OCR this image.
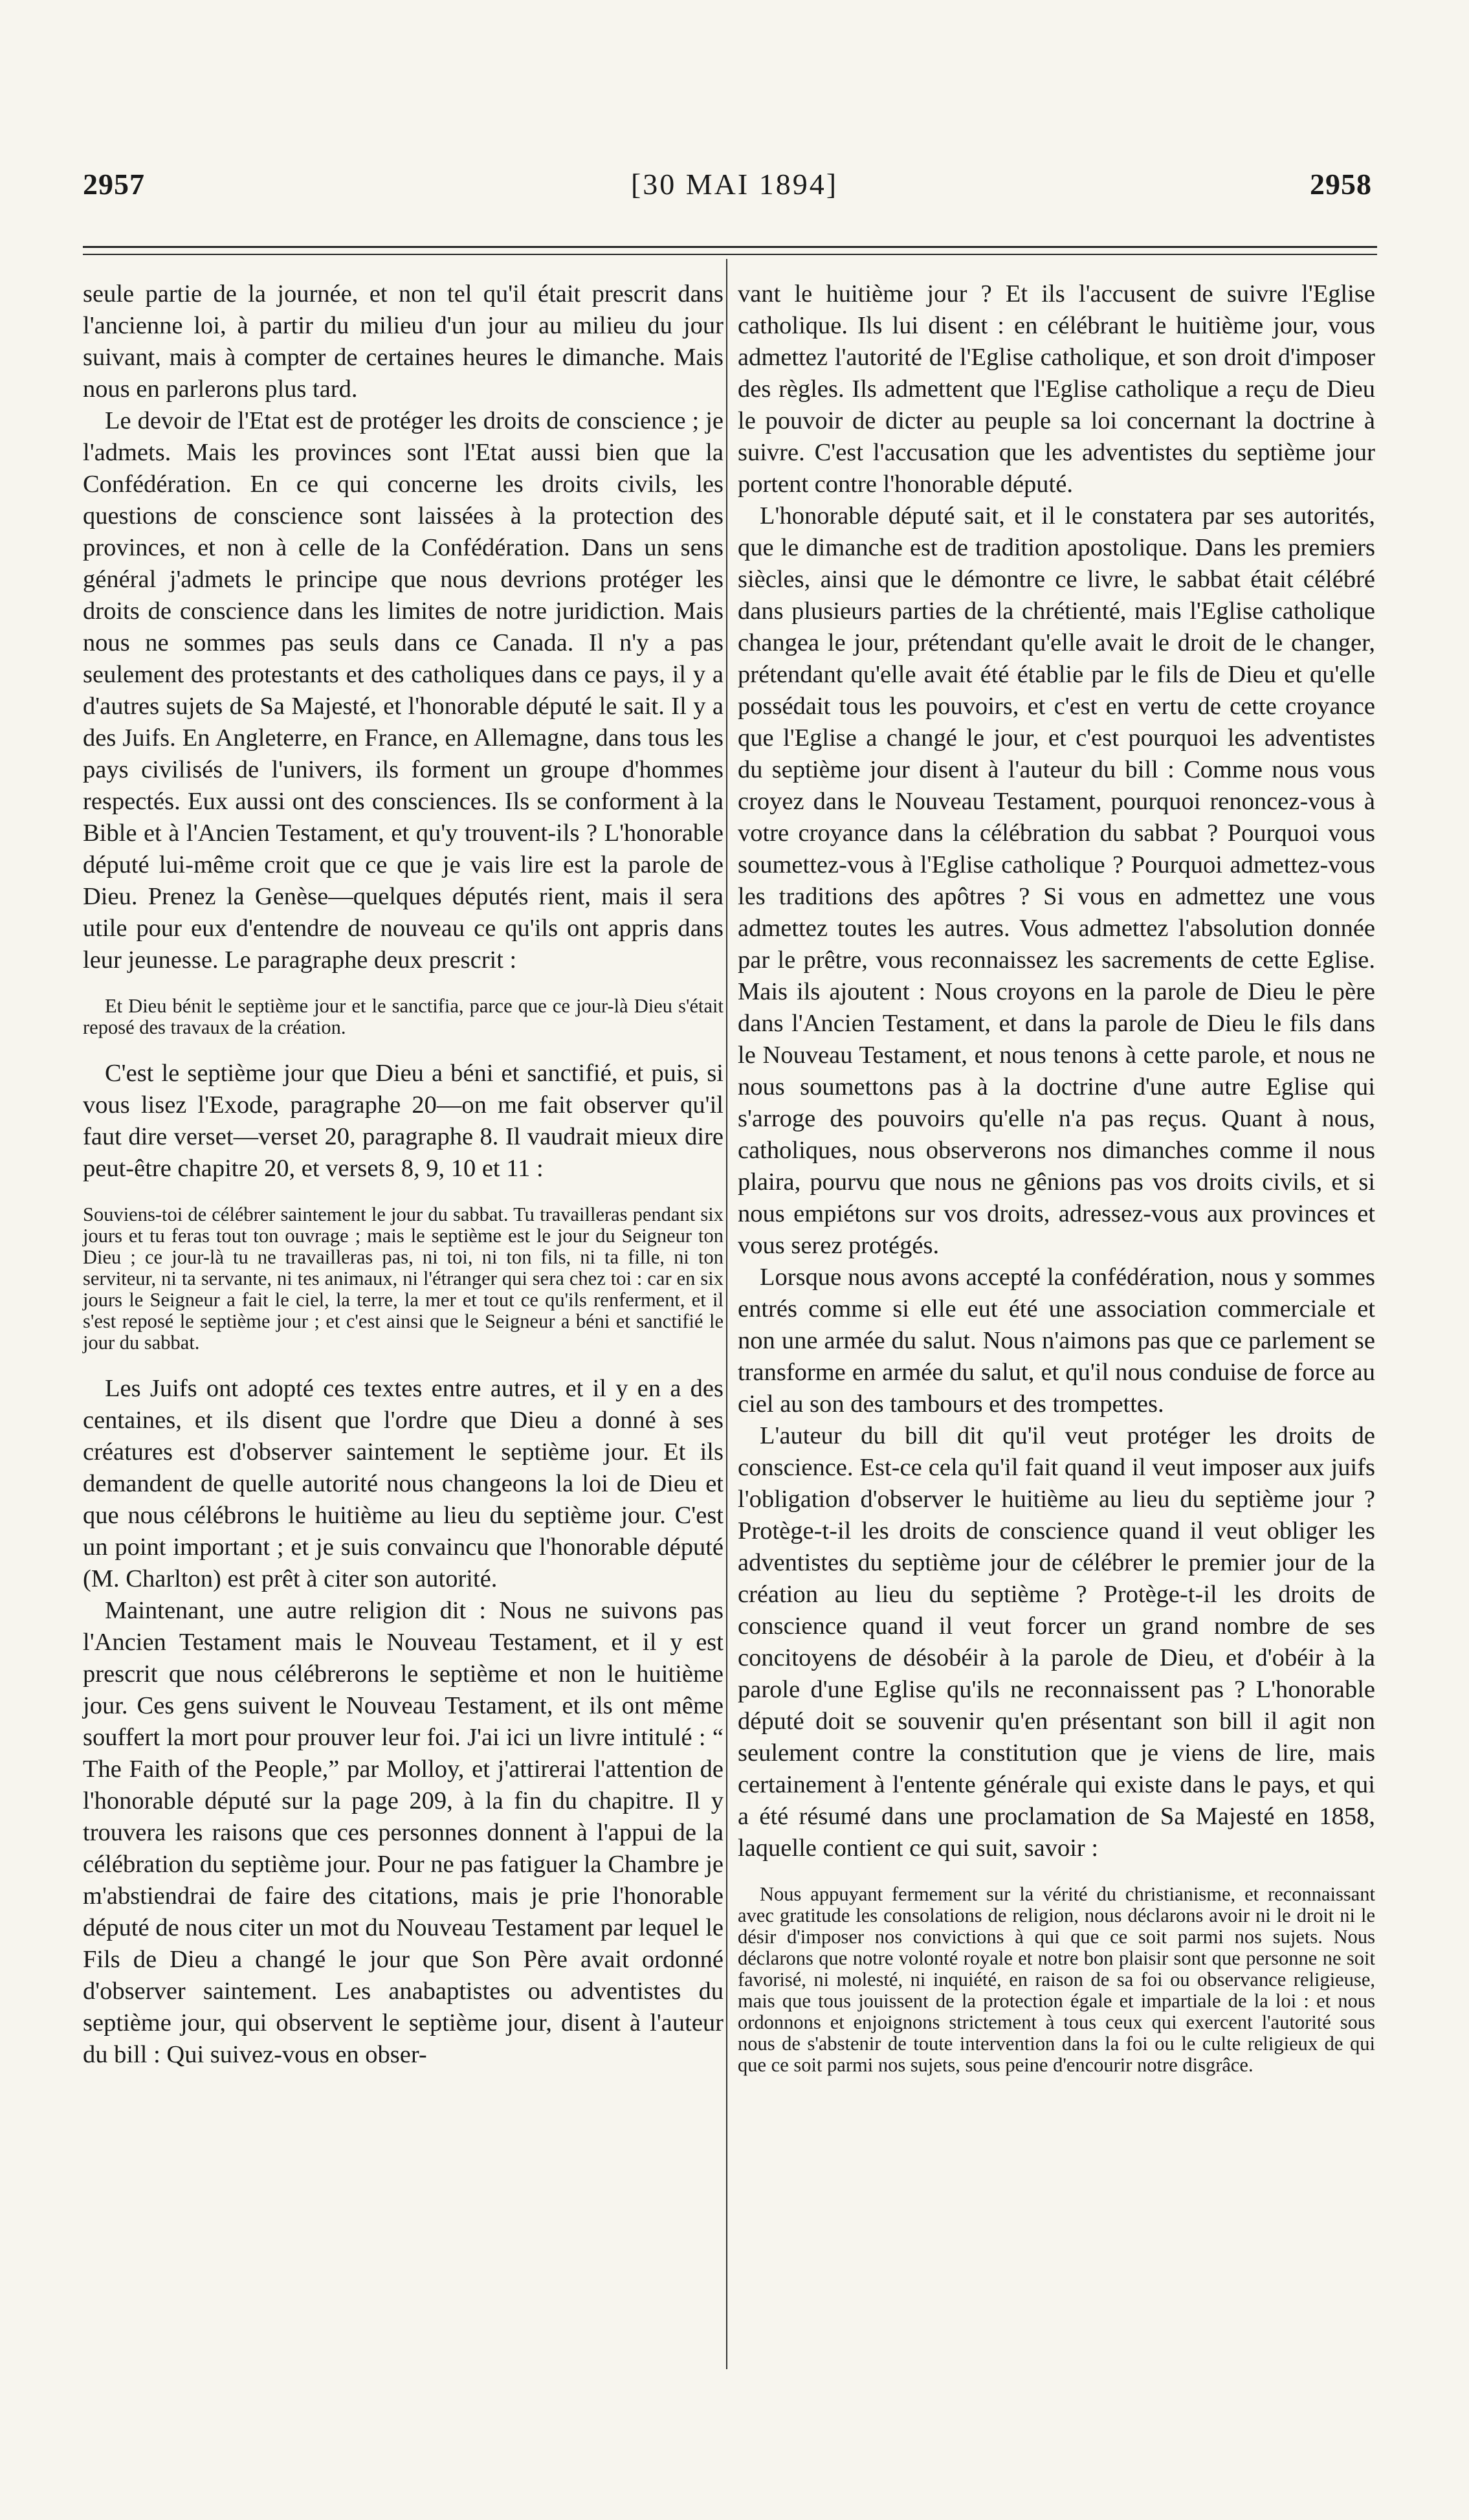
2957	[30 MAI 1894]	2958

seule partie de la journée, et non tel qu'il était prescrit dans l'ancienne loi, à partir du milieu d'un jour au milieu du jour suivant, mais à compter de certaines heures le dimanche. Mais nous en parlerons plus tard.

Le devoir de l'Etat est de protéger les droits de conscience ; je l'admets. Mais les provinces sont l'Etat aussi bien que la Confédération. En ce qui concerne les droits civils, les questions de conscience sont laissées à la protection des provinces, et non à celle de la Confédération. Dans un sens général j'admets le principe que nous devrions protéger les droits de conscience dans les limites de notre juridiction. Mais nous ne sommes pas seuls dans ce Canada. Il n'y a pas seulement des protestants et des catholiques dans ce pays, il y a d'autres sujets de Sa Majesté, et l'honorable député le sait. Il y a des Juifs. En Angleterre, en France, en Allemagne, dans tous les pays civilisés de l'univers, ils forment un groupe d'hommes respectés. Eux aussi ont des consciences. Ils se conforment à la Bible et à l'Ancien Testament, et qu'y trouvent-ils ? L'honorable député lui-même croit que ce que je vais lire est la parole de Dieu. Prenez la Genèse—quelques députés rient, mais il sera utile pour eux d'entendre de nouveau ce qu'ils ont appris dans leur jeunesse. Le paragraphe deux prescrit :

Et Dieu bénit le septième jour et le sanctifia, parce que ce jour-là Dieu s'était reposé des travaux de la création.

C'est le septième jour que Dieu a béni et sanctifié, et puis, si vous lisez l'Exode, paragraphe 20—on me fait observer qu'il faut dire verset—verset 20, paragraphe 8. Il vaudrait mieux dire peut-être chapitre 20, et versets 8, 9, 10 et 11 :

Souviens-toi de célébrer saintement le jour du sabbat. Tu travailleras pendant six jours et tu feras tout ton ouvrage ; mais le septième est le jour du Seigneur ton Dieu ; ce jour-là tu ne travailleras pas, ni toi, ni ton fils, ni ta fille, ni ton serviteur, ni ta servante, ni tes animaux, ni l'étranger qui sera chez toi : car en six jours le Seigneur a fait le ciel, la terre, la mer et tout ce qu'ils renferment, et il s'est reposé le septième jour ; et c'est ainsi que le Seigneur a béni et sanctifié le jour du sabbat.

Les Juifs ont adopté ces textes entre autres, et il y en a des centaines, et ils disent que l'ordre que Dieu a donné à ses créatures est d'observer saintement le septième jour. Et ils demandent de quelle autorité nous changeons la loi de Dieu et que nous célébrons le huitième au lieu du septième jour. C'est un point important ; et je suis convaincu que l'honorable député (M. Charlton) est prêt à citer son autorité.

Maintenant, une autre religion dit : Nous ne suivons pas l'Ancien Testament mais le Nouveau Testament, et il y est prescrit que nous célébrerons le septième et non le huitième jour. Ces gens suivent le Nouveau Testament, et ils ont même souffert la mort pour prouver leur foi. J'ai ici un livre intitulé : “ The Faith of the People,” par Molloy, et j'attirerai l'attention de l'honorable député sur la page 209, à la fin du chapitre. Il y trouvera les raisons que ces personnes donnent à l'appui de la célébration du septième jour. Pour ne pas fatiguer la Chambre je m'abstiendrai de faire des citations, mais je prie l'honorable député de nous citer un mot du Nouveau Testament par lequel le Fils de Dieu a changé le jour que Son Père avait ordonné d'observer saintement. Les anabaptistes ou adventistes du septième jour, qui observent le septième jour, disent à l'auteur du bill : Qui suivez-vous en obser-

vant le huitième jour ? Et ils l'accusent de suivre l'Eglise catholique. Ils lui disent : en célébrant le huitième jour, vous admettez l'autorité de l'Eglise catholique, et son droit d'imposer des règles. Ils admettent que l'Eglise catholique a reçu de Dieu le pouvoir de dicter au peuple sa loi concernant la doctrine à suivre. C'est l'accusation que les adventistes du septième jour portent contre l'honorable député.

L'honorable député sait, et il le constatera par ses autorités, que le dimanche est de tradition apostolique. Dans les premiers siècles, ainsi que le démontre ce livre, le sabbat était célébré dans plusieurs parties de la chrétienté, mais l'Eglise catholique changea le jour, prétendant qu'elle avait le droit de le changer, prétendant qu'elle avait été établie par le fils de Dieu et qu'elle possédait tous les pouvoirs, et c'est en vertu de cette croyance que l'Eglise a changé le jour, et c'est pourquoi les adventistes du septième jour disent à l'auteur du bill : Comme nous vous croyez dans le Nouveau Testament, pourquoi renoncez-vous à votre croyance dans la célébration du sabbat ? Pourquoi vous soumettez-vous à l'Eglise catholique ? Pourquoi admettez-vous les traditions des apôtres ? Si vous en admettez une vous admettez toutes les autres. Vous admettez l'absolution donnée par le prêtre, vous reconnaissez les sacrements de cette Eglise. Mais ils ajoutent : Nous croyons en la parole de Dieu le père dans l'Ancien Testament, et dans la parole de Dieu le fils dans le Nouveau Testament, et nous tenons à cette parole, et nous ne nous soumettons pas à la doctrine d'une autre Eglise qui s'arroge des pouvoirs qu'elle n'a pas reçus. Quant à nous, catholiques, nous observerons nos dimanches comme il nous plaira, pourvu que nous ne gênions pas vos droits civils, et si nous empiétons sur vos droits, adressez-vous aux provinces et vous serez protégés.

Lorsque nous avons accepté la confédération, nous y sommes entrés comme si elle eut été une association commerciale et non une armée du salut. Nous n'aimons pas que ce parlement se transforme en armée du salut, et qu'il nous conduise de force au ciel au son des tambours et des trompettes.

L'auteur du bill dit qu'il veut protéger les droits de conscience. Est-ce cela qu'il fait quand il veut imposer aux juifs l'obligation d'observer le huitième au lieu du septième jour ? Protège-t-il les droits de conscience quand il veut obliger les adventistes du septième jour de célébrer le premier jour de la création au lieu du septième ? Protège-t-il les droits de conscience quand il veut forcer un grand nombre de ses concitoyens de désobéir à la parole de Dieu, et d'obéir à la parole d'une Eglise qu'ils ne reconnaissent pas ? L'honorable député doit se souvenir qu'en présentant son bill il agit non seulement contre la constitution que je viens de lire, mais certainement à l'entente générale qui existe dans le pays, et qui a été résumé dans une proclamation de Sa Majesté en 1858, laquelle contient ce qui suit, savoir :

Nous appuyant fermement sur la vérité du christianisme, et reconnaissant avec gratitude les consolations de religion, nous déclarons avoir ni le droit ni le désir d'imposer nos convictions à qui que ce soit parmi nos sujets. Nous déclarons que notre volonté royale et notre bon plaisir sont que personne ne soit favorisé, ni molesté, ni inquiété, en raison de sa foi ou observance religieuse, mais que tous jouissent de la protection égale et impartiale de la loi : et nous ordonnons et enjoignons strictement à tous ceux qui exercent l'autorité sous nous de s'abstenir de toute intervention dans la foi ou le culte religieux de qui que ce soit parmi nos sujets, sous peine d'encourir notre disgrâce.
